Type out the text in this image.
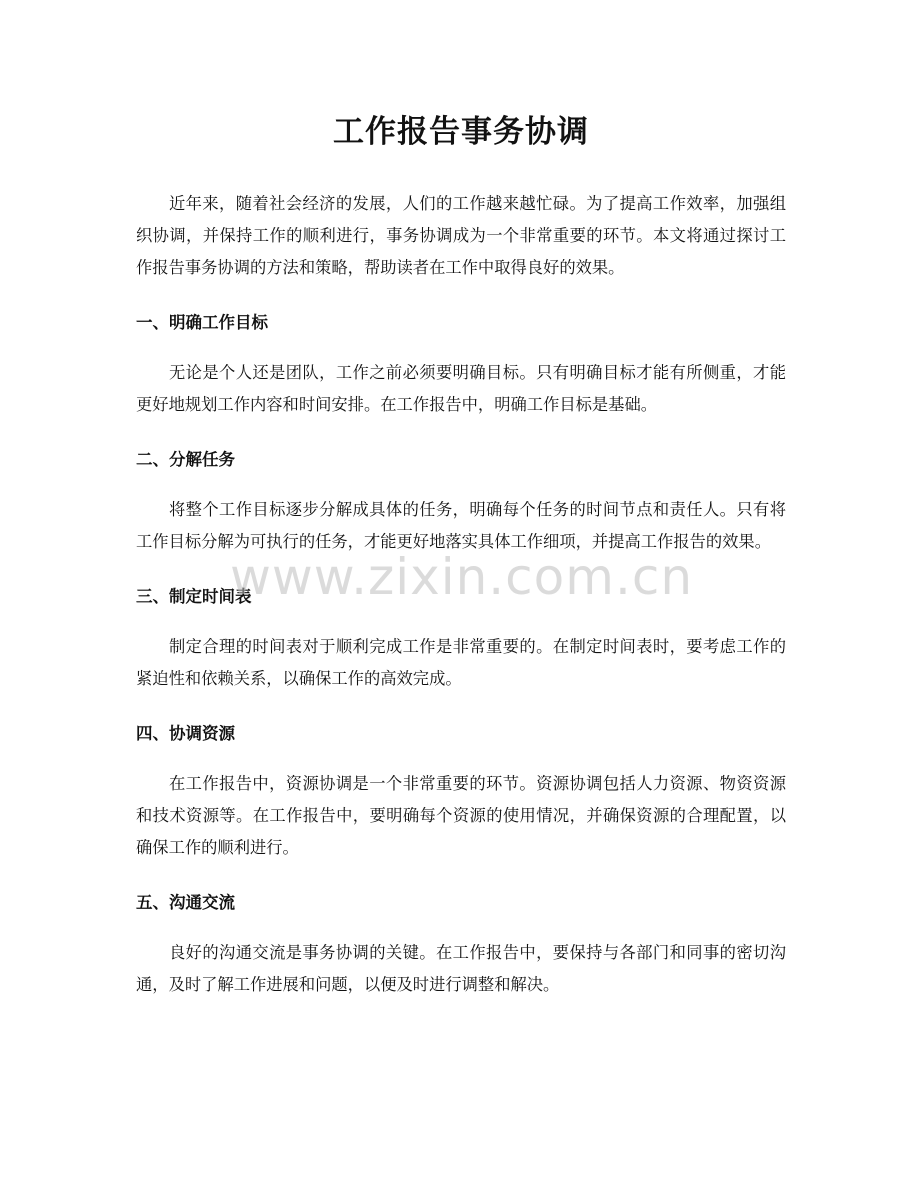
工作报告事务协调

近年来，随着社会经济的发展，人们的工作越来越忙碌。为了提高工作效率，加强组织协调，并保持工作的顺利进行，事务协调成为一个非常重要的环节。本文将通过探讨工作报告事务协调的方法和策略，帮助读者在工作中取得良好的效果。

一、明确工作目标

无论是个人还是团队，工作之前必须要明确目标。只有明确目标才能有所侧重，才能更好地规划工作内容和时间安排。在工作报告中，明确工作目标是基础。

二、分解任务

将整个工作目标逐步分解成具体的任务，明确每个任务的时间节点和责任人。只有将工作目标分解为可执行的任务，才能更好地落实具体工作细项，并提高工作报告的效果。

三、制定时间表

制定合理的时间表对于顺利完成工作是非常重要的。在制定时间表时，要考虑工作的紧迫性和依赖关系，以确保工作的高效完成。

四、协调资源

在工作报告中，资源协调是一个非常重要的环节。资源协调包括人力资源、物资资源和技术资源等。在工作报告中，要明确每个资源的使用情况，并确保资源的合理配置，以确保工作的顺利进行。

五、沟通交流

良好的沟通交流是事务协调的关键。在工作报告中，要保持与各部门和同事的密切沟通，及时了解工作进展和问题，以便及时进行调整和解决。

www.zixin.com.cn
